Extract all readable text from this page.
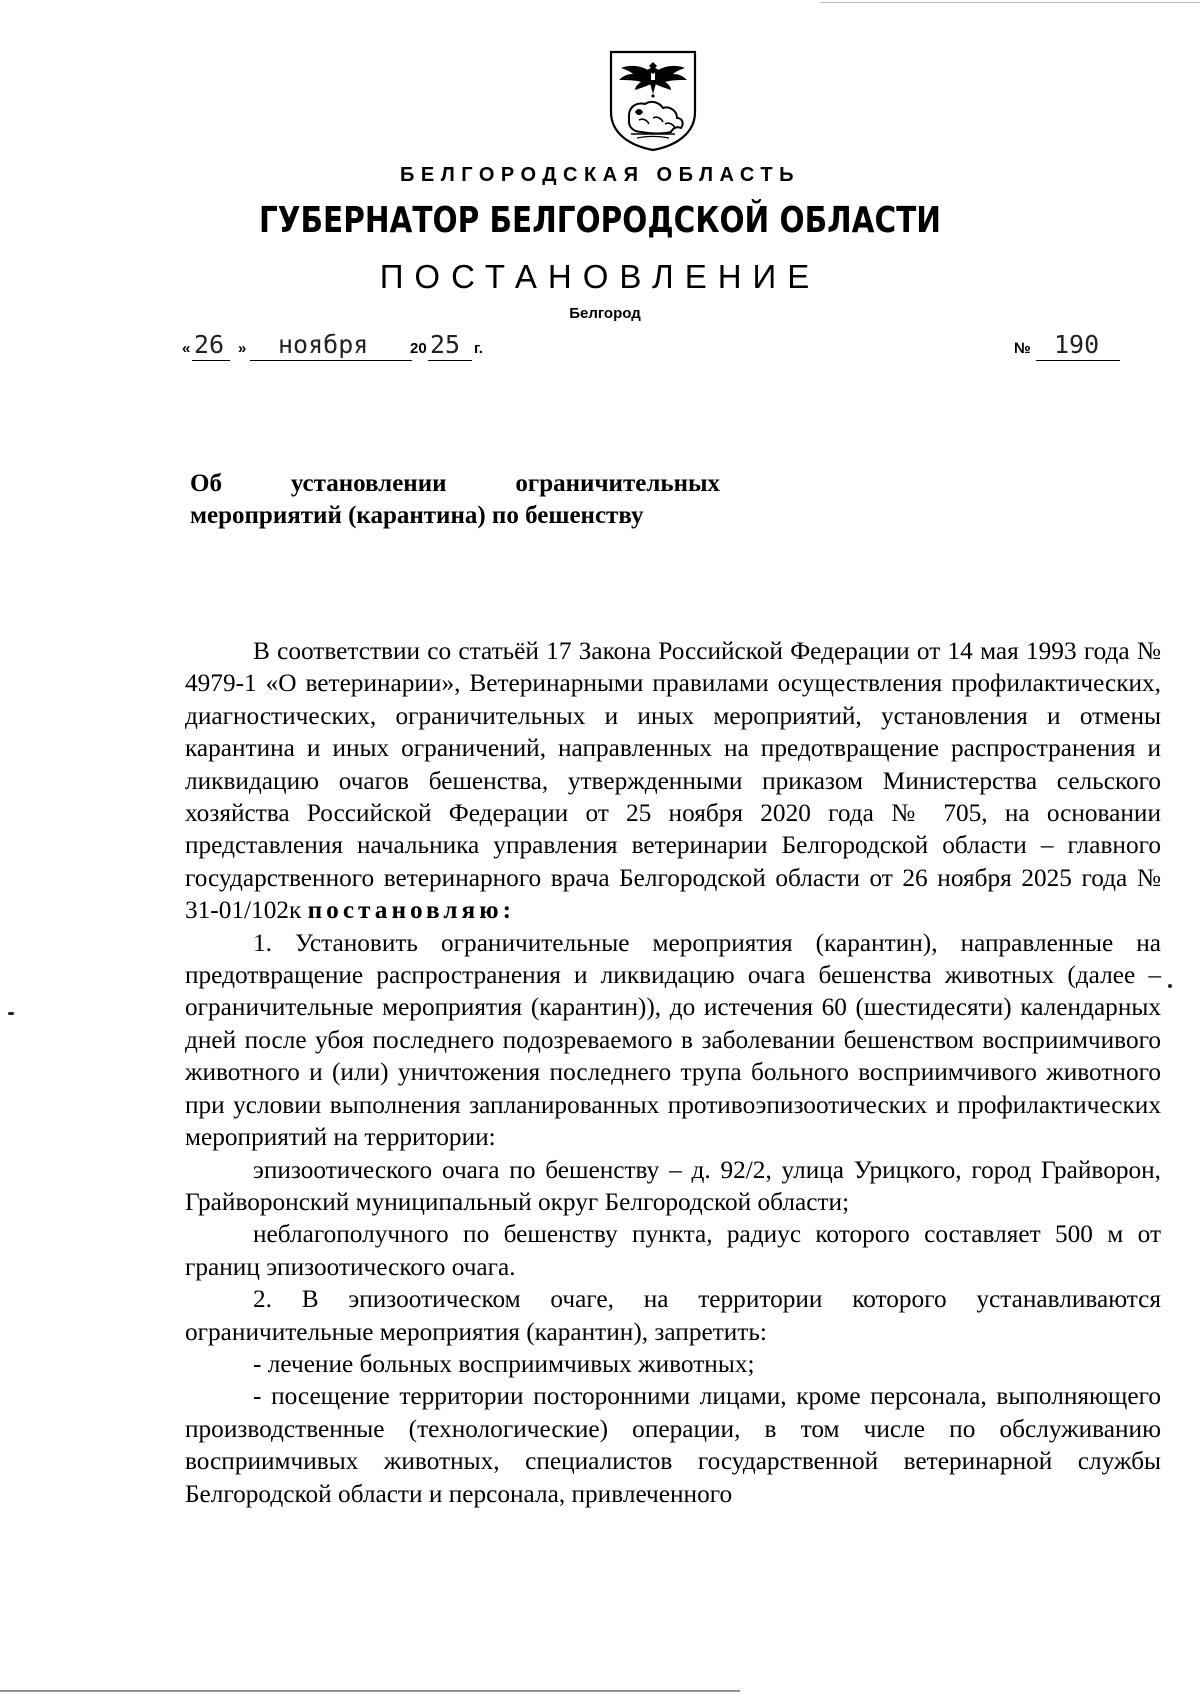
БЕЛГОРОДСКАЯ ОБЛАСТЬ
ГУБЕРНАТОР БЕЛГОРОДСКОЙ ОБЛАСТИ
ПОСТАНОВЛЕНИЕ
Белгород
« 26 » ноября	20 25 г.	№ 190
Об установлении ограничительных
мероприятий (карантина) по бешенству

В соответствии со статьёй 17 Закона Российской Федерации от 14 мая 1993 года № 4979-1 «О ветеринарии», Ветеринарными правилами осуществления профилактических, диагностических, ограничительных и иных мероприятий, установления и отмены карантина и иных ограничений, направленных на предотвращение распространения и ликвидацию очагов бешенства, утвержденными приказом Министерства сельского хозяйства Российской Федерации от 25 ноября 2020 года № 705, на основании представления начальника управления ветеринарии Белгородской области – главного государственного ветеринарного врача Белгородской области от 26 ноября 2025 года № 31-01/102к постановляю:

1. Установить ограничительные мероприятия (карантин), направленные на предотвращение распространения и ликвидацию очага бешенства животных (далее – ограничительные мероприятия (карантин)), до истечения 60 (шестидесяти) календарных дней после убоя последнего подозреваемого в заболевании бешенством восприимчивого животного и (или) уничтожения последнего трупа больного восприимчивого животного при условии выполнения запланированных противоэпизоотических и профилактических мероприятий на территории:

эпизоотического очага по бешенству – д. 92/2, улица Урицкого, город Грайворон, Грайворонский муниципальный округ Белгородской области;

неблагополучного по бешенству пункта, радиус которого составляет 500 м от границ эпизоотического очага.

2. В эпизоотическом очаге, на территории которого устанавливаются ограничительные мероприятия (карантин), запретить:

- лечение больных восприимчивых животных;

- посещение территории посторонними лицами, кроме персонала, выполняющего производственные (технологические) операции, в том числе по обслуживанию восприимчивых животных, специалистов государственной ветеринарной службы Белгородской области и персонала, привлеченного
